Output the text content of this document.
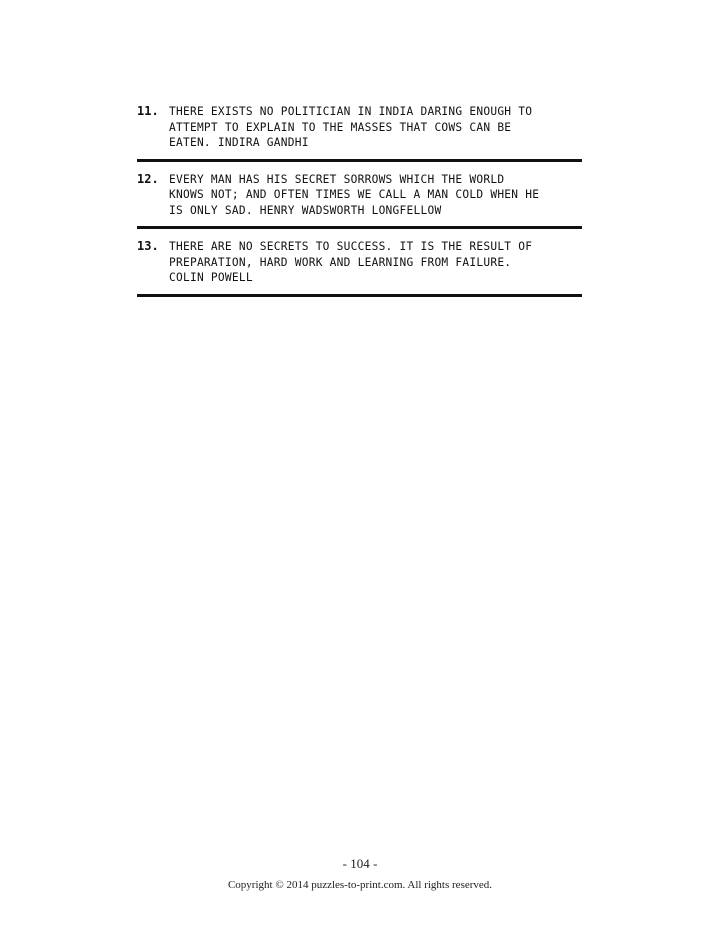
11. THERE EXISTS NO POLITICIAN IN INDIA DARING ENOUGH TO
ATTEMPT TO EXPLAIN TO THE MASSES THAT COWS CAN BE
EATEN. INDIRA GANDHI
12. EVERY MAN HAS HIS SECRET SORROWS WHICH THE WORLD
KNOWS NOT; AND OFTEN TIMES WE CALL A MAN COLD WHEN HE
IS ONLY SAD. HENRY WADSWORTH LONGFELLOW
13. THERE ARE NO SECRETS TO SUCCESS. IT IS THE RESULT OF
PREPARATION, HARD WORK AND LEARNING FROM FAILURE.
COLIN POWELL
- 104 -
Copyright © 2014 puzzles-to-print.com. All rights reserved.
